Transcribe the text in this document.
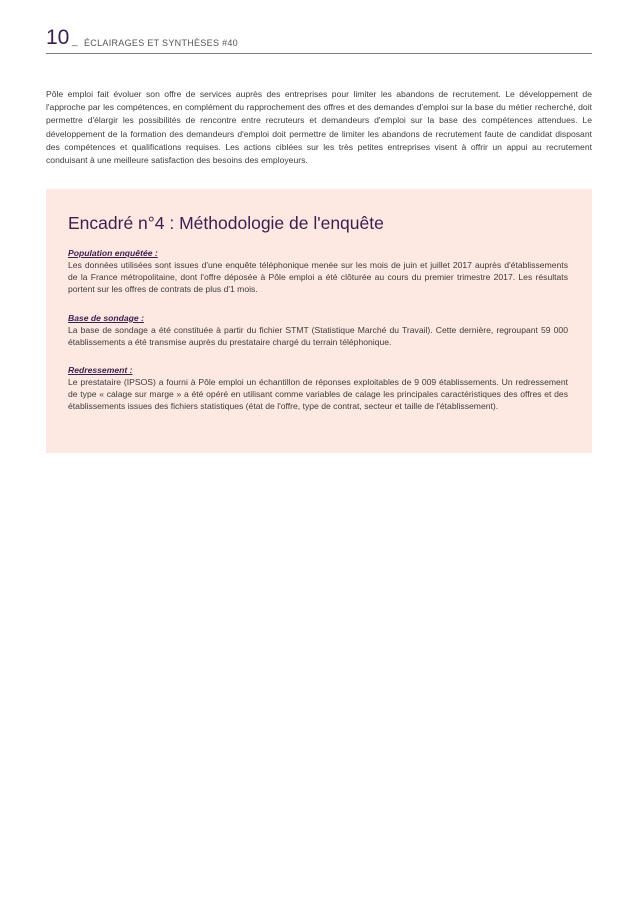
10 _ ÉCLAIRAGES ET SYNTHÈSES #40

Pôle emploi fait évoluer son offre de services auprès des entreprises pour limiter les abandons de recrutement. Le développement de l'approche par les compétences, en complément du rapprochement des offres et des demandes d'emploi sur la base du métier recherché, doit permettre d'élargir les possibilités de rencontre entre recruteurs et demandeurs d'emploi sur la base des compétences attendues. Le développement de la formation des demandeurs d'emploi doit permettre de limiter les abandons de recrutement faute de candidat disposant des compétences et qualifications requises. Les actions ciblées sur les très petites entreprises visent à offrir un appui au recrutement conduisant à une meilleure satisfaction des besoins des employeurs.

Encadré n°4 : Méthodologie de l'enquête
Population enquêtée :

Les données utilisées sont issues d'une enquête téléphonique menée sur les mois de juin et juillet 2017 auprès d'établissements de la France métropolitaine, dont l'offre déposée à Pôle emploi a été clôturée au cours du premier trimestre 2017. Les résultats portent sur les offres de contrats de plus d'1 mois.

Base de sondage :

La base de sondage a été constituée à partir du fichier STMT (Statistique Marché du Travail). Cette dernière, regroupant 59 000 établissements a été transmise auprès du prestataire chargé du terrain téléphonique.

Redressement :

Le prestataire (IPSOS) a fourni à Pôle emploi un échantillon de réponses exploitables de 9 009 établissements. Un redressement de type « calage sur marge » a été opéré en utilisant comme variables de calage les principales caractéristiques des offres et des établissements issues des fichiers statistiques (état de l'offre, type de contrat, secteur et taille de l'établissement).
